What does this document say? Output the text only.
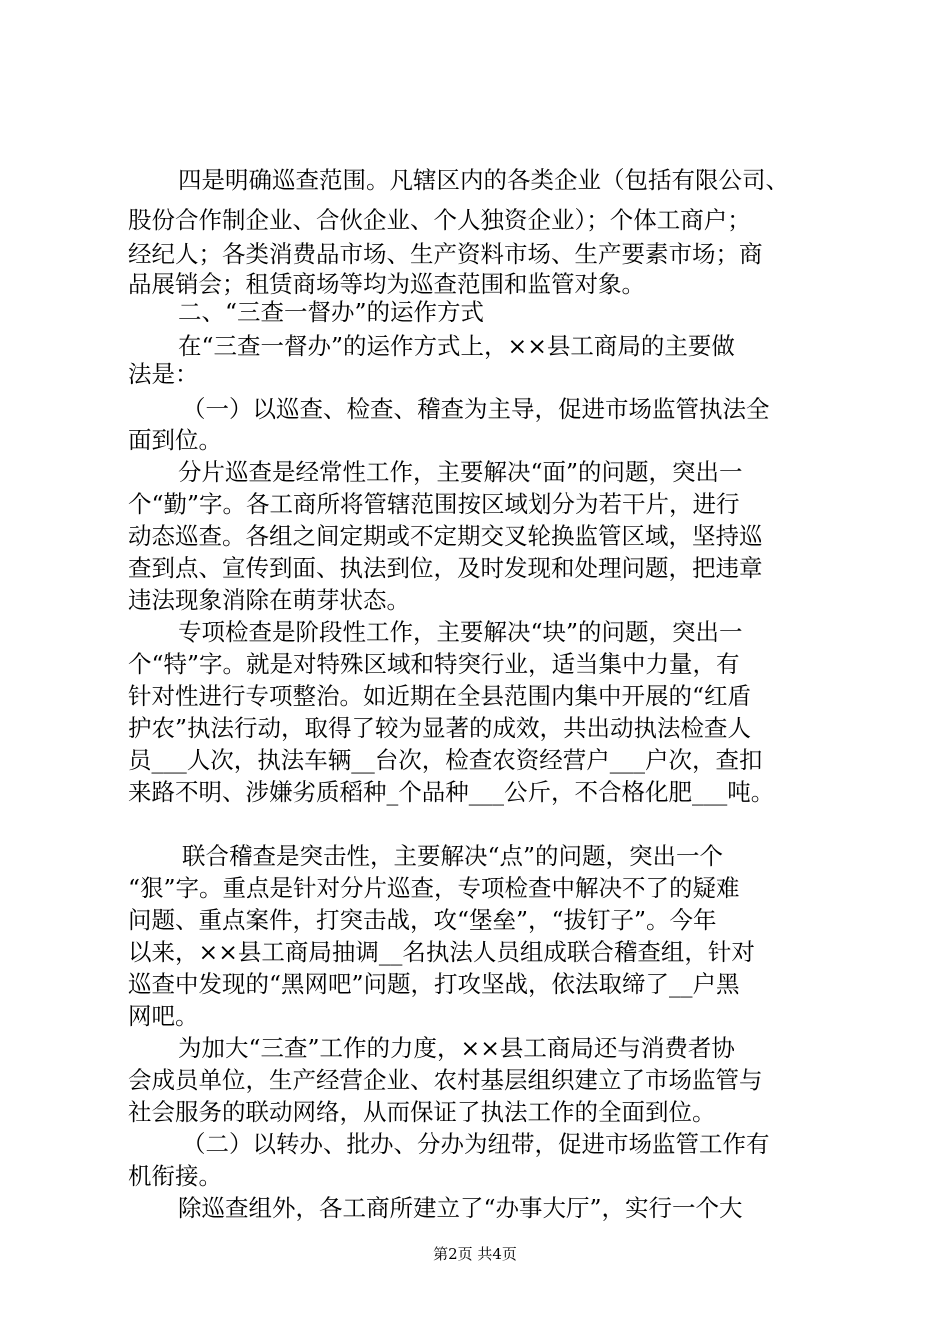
四是明确巡查范围。凡辖区内的各类企业（包括有限公司、
股份合作制企业、合伙企业、个人独资企业）；个体工商户；
经纪人；各类消费品市场、生产资料市场、生产要素市场；商
品展销会；租赁商场等均为巡查范围和监管对象。
二、“三查一督办”的运作方式
在“三查一督办”的运作方式上，××县工商局的主要做
法是：
（一）以巡查、检查、稽查为主导，促进市场监管执法全
面到位。
分片巡查是经常性工作，主要解决“面”的问题，突出一
个“勤”字。各工商所将管辖范围按区域划分为若干片，进行
动态巡查。各组之间定期或不定期交叉轮换监管区域，坚持巡
查到点、宣传到面、执法到位，及时发现和处理问题，把违章
违法现象消除在萌芽状态。
专项检查是阶段性工作，主要解决“块”的问题，突出一
个“特”字。就是对特殊区域和特突行业，适当集中力量，有
针对性进行专项整治。如近期在全县范围内集中开展的“红盾
护农”执法行动，取得了较为显著的成效，共出动执法检查人
员___人次，执法车辆__台次，检查农资经营户___户次，查扣
来路不明、涉嫌劣质稻种_个品种___公斤，不合格化肥___吨。
联合稽查是突击性，主要解决“点”的问题，突出一个
“狠”字。重点是针对分片巡查，专项检查中解决不了的疑难
问题、重点案件，打突击战，攻“堡垒”，“拔钉子”。今年
以来，××县工商局抽调__名执法人员组成联合稽查组，针对
巡查中发现的“黑网吧”问题，打攻坚战，依法取缔了__户黑
网吧。
为加大“三查”工作的力度，××县工商局还与消费者协
会成员单位，生产经营企业、农村基层组织建立了市场监管与
社会服务的联动网络，从而保证了执法工作的全面到位。
（二）以转办、批办、分办为纽带，促进市场监管工作有
机衔接。
除巡查组外，各工商所建立了“办事大厅”，实行一个大
第2页 共4页
